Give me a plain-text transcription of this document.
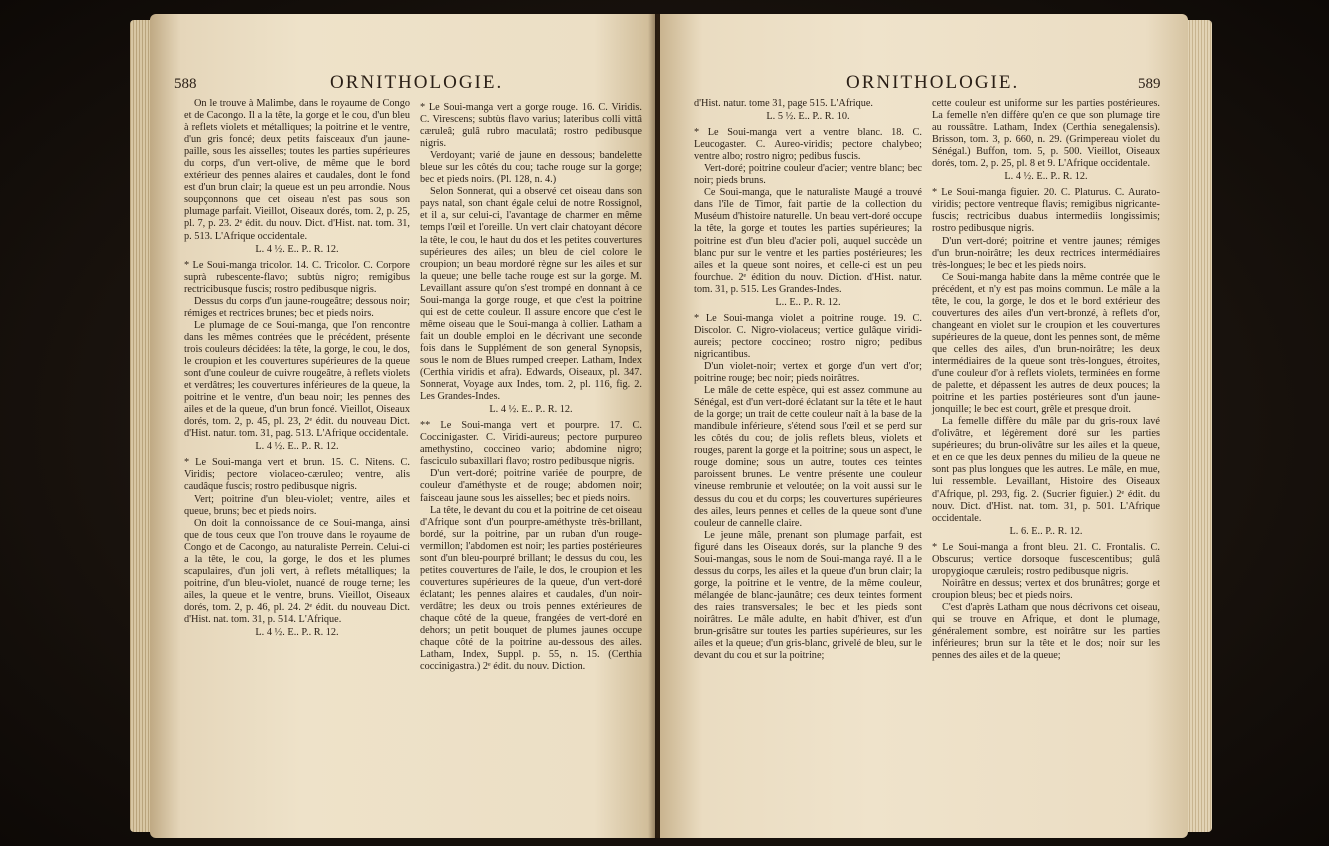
588	ORNITHOLOGIE.

On le trouve à Malimbe, dans le royaume de Congo et de Cacongo. Il a la tête, la gorge et le cou, d'un bleu à reflets violets et métalliques; la poitrine et le ventre, d'un gris foncé; deux petits faisceaux d'un jaune-paille, sous les aisselles; toutes les parties supérieures du corps, d'un vert-olive, de même que le bord extérieur des pennes alaires et caudales, dont le fond est d'un brun clair; la queue est un peu arrondie. Nous soupçonnons que cet oiseau n'est pas sous son plumage parfait. Vieillot, Oiseaux dorés, tom. 2, p. 25, pl. 7, p. 23. 2ᵉ édit. du nouv. Dict. d'Hist. nat. tom. 31, p. 513. L'Afrique occidentale.

L. 4 ½. E.. P.. R. 12.

* Le Soui-manga tricolor. 14. C. Tricolor. C. Corpore suprà rubescente-flavo; subtùs nigro; remigibus rectricibusque fuscis; rostro pedibusque nigris.

Dessus du corps d'un jaune-rougeâtre; dessous noir; rémiges et rectrices brunes; bec et pieds noirs.

Le plumage de ce Soui-manga, que l'on rencontre dans les mêmes contrées que le précédent, présente trois couleurs décidées: la tête, la gorge, le cou, le dos, le croupion et les couvertures supérieures de la queue sont d'une couleur de cuivre rougeâtre, à reflets violets et verdâtres; les couvertures inférieures de la queue, la poitrine et le ventre, d'un beau noir; les pennes des ailes et de la queue, d'un brun foncé. Vieillot, Oiseaux dorés, tom. 2, p. 45, pl. 23, 2ᵉ édit. du nouveau Dict. d'Hist. natur. tom. 31, pag. 513. L'Afrique occidentale.

L. 4 ½. E.. P.. R. 12.

* Le Soui-manga vert et brun. 15. C. Nitens. C. Viridis; pectore violaceo-cæruleo; ventre, alis caudâque fuscis; rostro pedibusque nigris.

Vert; poitrine d'un bleu-violet; ventre, ailes et queue, bruns; bec et pieds noirs.

On doit la connoissance de ce Soui-manga, ainsi que de tous ceux que l'on trouve dans le royaume de Congo et de Cacongo, au naturaliste Perrein. Celui-ci a la tête, le cou, la gorge, le dos et les plumes scapulaires, d'un joli vert, à reflets métalliques; la poitrine, d'un bleu-violet, nuancé de rouge terne; les ailes, la queue et le ventre, bruns. Vieillot, Oiseaux dorés, tom. 2, p. 46, pl. 24. 2ᵉ édit. du nouveau Dict. d'Hist. nat. tom. 31, p. 514. L'Afrique.

L. 4 ½. E.. P.. R. 12.

* Le Soui-manga vert a gorge rouge. 16. C. Viridis. C. Virescens; subtùs flavo varius; lateribus colli vittâ cæruleâ; gulâ rubro maculatâ; rostro pedibusque nigris.

Verdoyant; varié de jaune en dessous; bandelette bleue sur les côtés du cou; tache rouge sur la gorge; bec et pieds noirs. (Pl. 128, n. 4.)

Selon Sonnerat, qui a observé cet oiseau dans son pays natal, son chant égale celui de notre Rossignol, et il a, sur celui-ci, l'avantage de charmer en même temps l'œil et l'oreille. Un vert clair chatoyant décore la tête, le cou, le haut du dos et les petites couvertures supérieures des ailes; un bleu de ciel colore le croupion; un beau mordoré règne sur les ailes et sur la queue; une belle tache rouge est sur la gorge. M. Levaillant assure qu'on s'est trompé en donnant à ce Soui-manga la gorge rouge, et que c'est la poitrine qui est de cette couleur. Il assure encore que c'est le même oiseau que le Soui-manga à collier. Latham a fait un double emploi en le décrivant une seconde fois dans le Supplément de son general Synopsis, sous le nom de Blues rumped creeper. Latham, Index (Certhia viridis et afra). Edwards, Oiseaux, pl. 347. Sonnerat, Voyage aux Indes, tom. 2, pl. 116, fig. 2. Les Grandes-Indes.

L. 4 ½. E.. P.. R. 12.

** Le Soui-manga vert et pourpre. 17. C. Coccinigaster. C. Viridi-aureus; pectore purpureo amethystino, coccineo vario; abdomine nigro; fasciculo subaxillari flavo; rostro pedibusque nigris.

D'un vert-doré; poitrine variée de pourpre, de couleur d'améthyste et de rouge; abdomen noir; faisceau jaune sous les aisselles; bec et pieds noirs.

La tête, le devant du cou et la poitrine de cet oiseau d'Afrique sont d'un pourpre-améthyste très-brillant, bordé, sur la poitrine, par un ruban d'un rouge-vermillon; l'abdomen est noir; les parties postérieures sont d'un bleu-pourpré brillant; le dessus du cou, les petites couvertures de l'aile, le dos, le croupion et les couvertures supérieures de la queue, d'un vert-doré éclatant; les pennes alaires et caudales, d'un noir-verdâtre; les deux ou trois pennes extérieures de chaque côté de la queue, frangées de vert-doré en dehors; un petit bouquet de plumes jaunes occupe chaque côté de la poitrine au-dessous des ailes. Latham, Index, Suppl. p. 55, n. 15. (Certhia coccinigastra.) 2ᵉ édit. du nouv. Diction.

ORNITHOLOGIE.	589

d'Hist. natur. tome 31, page 515. L'Afrique.

L. 5 ½. E.. P.. R. 10.

* Le Soui-manga vert a ventre blanc. 18. C. Leucogaster. C. Aureo-viridis; pectore chalybeo; ventre albo; rostro nigro; pedibus fuscis.

Vert-doré; poitrine couleur d'acier; ventre blanc; bec noir; pieds bruns.

Ce Soui-manga, que le naturaliste Maugé a trouvé dans l'île de Timor, fait partie de la collection du Muséum d'histoire naturelle. Un beau vert-doré occupe la tête, la gorge et toutes les parties supérieures; la poitrine est d'un bleu d'acier poli, auquel succède un blanc pur sur le ventre et les parties postérieures; les ailes et la queue sont noires, et celle-ci est un peu fourchue. 2ᵉ édition du nouv. Diction. d'Hist. natur. tom. 31, p. 515. Les Grandes-Indes.

L.. E.. P.. R. 12.

* Le Soui-manga violet a poitrine rouge. 19. C. Discolor. C. Nigro-violaceus; vertice gulâque viridi-aureis; pectore coccineo; rostro nigro; pedibus nigricantibus.

D'un violet-noir; vertex et gorge d'un vert d'or; poitrine rouge; bec noir; pieds noirâtres.

Le mâle de cette espèce, qui est assez commune au Sénégal, est d'un vert-doré éclatant sur la tête et le haut de la gorge; un trait de cette couleur naît à la base de la mandibule inférieure, s'étend sous l'œil et se perd sur les côtés du cou; de jolis reflets bleus, violets et rouges, parent la gorge et la poitrine; sous un aspect, le rouge domine; sous un autre, toutes ces teintes paroissent brunes. Le ventre présente une couleur vineuse rembrunie et veloutée; on la voit aussi sur le dessus du cou et du corps; les couvertures supérieures des ailes, leurs pennes et celles de la queue sont d'une couleur de cannelle claire.

Le jeune mâle, prenant son plumage parfait, est figuré dans les Oiseaux dorés, sur la planche 9 des Soui-mangas, sous le nom de Soui-manga rayé. Il a le dessus du corps, les ailes et la queue d'un brun clair; la gorge, la poitrine et le ventre, de la même couleur, mélangée de blanc-jaunâtre; ces deux teintes forment des raies transversales; le bec et les pieds sont noirâtres. Le mâle adulte, en habit d'hiver, est d'un brun-grisâtre sur toutes les parties supérieures, sur les ailes et la queue; d'un gris-blanc, grivelé de bleu, sur le devant du cou et sur la poitrine;

cette couleur est uniforme sur les parties postérieures. La femelle n'en diffère qu'en ce que son plumage tire au roussâtre. Latham, Index (Certhia senegalensis). Brisson, tom. 3, p. 660, n. 29. (Grimpereau violet du Sénégal.) Buffon, tom. 5, p. 500. Vieillot, Oiseaux dorés, tom. 2, p. 25, pl. 8 et 9. L'Afrique occidentale.

L. 4 ½. E.. P.. R. 12.

* Le Soui-manga figuier. 20. C. Platurus. C. Aurato-viridis; pectore ventreque flavis; remigibus nigricante-fuscis; rectricibus duabus intermediis longissimis; rostro pedibusque nigris.

D'un vert-doré; poitrine et ventre jaunes; rémiges d'un brun-noirâtre; les deux rectrices intermédiaires très-longues; le bec et les pieds noirs.

Ce Soui-manga habite dans la même contrée que le précédent, et n'y est pas moins commun. Le mâle a la tête, le cou, la gorge, le dos et le bord extérieur des couvertures des ailes d'un vert-bronzé, à reflets d'or, changeant en violet sur le croupion et les couvertures supérieures de la queue, dont les pennes sont, de même que celles des ailes, d'un brun-noirâtre; les deux intermédiaires de la queue sont très-longues, étroites, d'une couleur d'or à reflets violets, terminées en forme de palette, et dépassent les autres de deux pouces; la poitrine et les parties postérieures sont d'un jaune-jonquille; le bec est court, grêle et presque droit.

La femelle diffère du mâle par du gris-roux lavé d'olivâtre, et légèrement doré sur les parties supérieures; du brun-olivâtre sur les ailes et la queue, et en ce que les deux pennes du milieu de la queue ne sont pas plus longues que les autres. Le mâle, en mue, lui ressemble. Levaillant, Histoire des Oiseaux d'Afrique, pl. 293, fig. 2. (Sucrier figuier.) 2ᵉ édit. du nouv. Dict. d'Hist. nat. tom. 31, p. 501. L'Afrique occidentale.

L. 6. E.. P.. R. 12.

* Le Soui-manga a front bleu. 21. C. Frontalis. C. Obscurus; vertice dorsoque fuscescentibus; gulâ uropygioque cæruleis; rostro pedibusque nigris.

Noirâtre en dessus; vertex et dos brunâtres; gorge et croupion bleus; bec et pieds noirs.

C'est d'après Latham que nous décrivons cet oiseau, qui se trouve en Afrique, et dont le plumage, généralement sombre, est noirâtre sur les parties inférieures; brun sur la tête et le dos; noir sur les pennes des ailes et de la queue;
